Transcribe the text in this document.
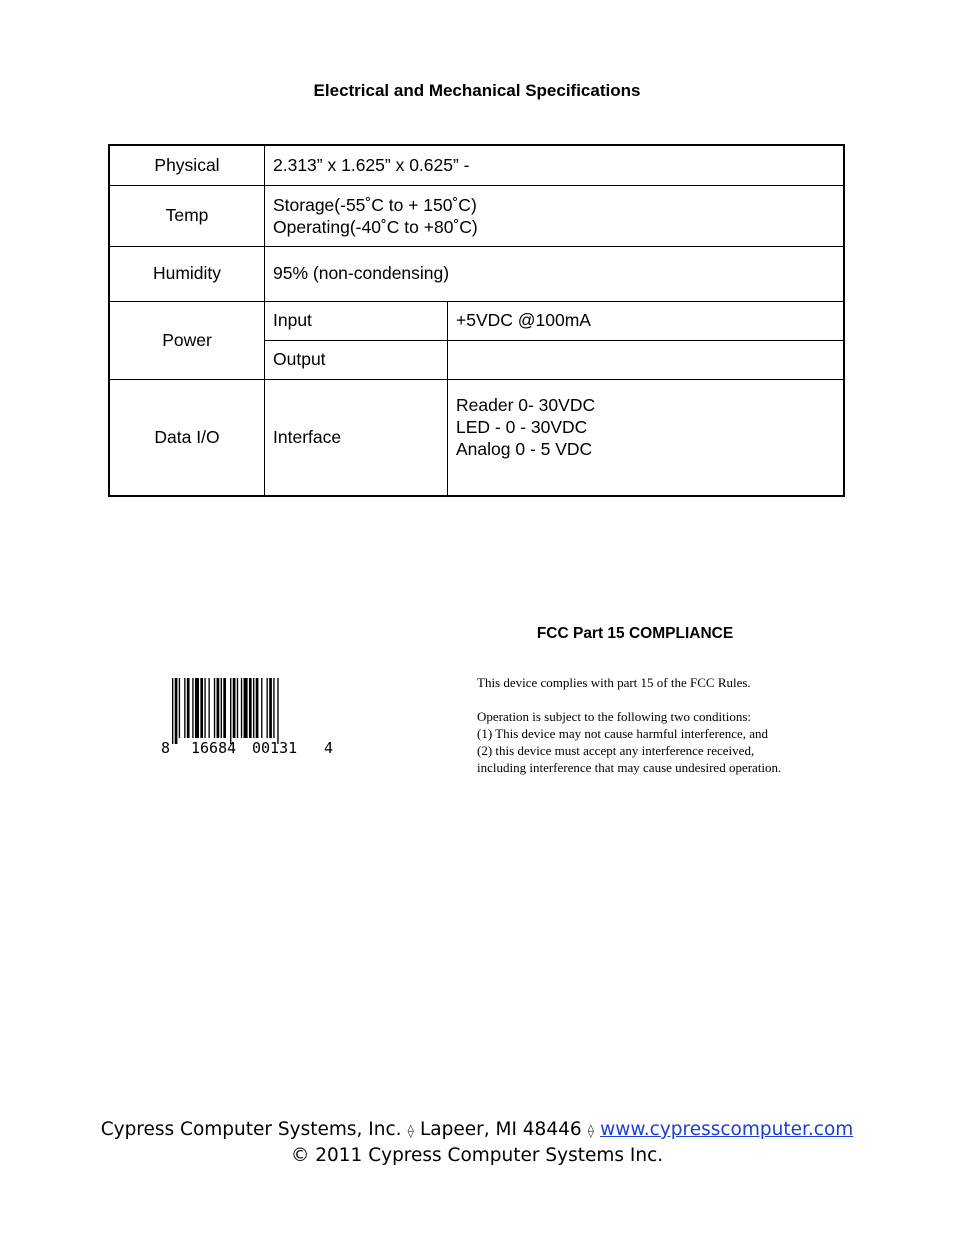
Electrical and Mechanical Specifications
Physical	2.313” x 1.625” x 0.625” -	
Temp	Storage(-55˚C to + 150˚C)
Operating(-40˚C to +80˚C)	

Humidity	95% (non-condensing)	
Power	Input	+5VDC @100mA
	Output	
Data I/O	Interface	Reader 0- 30VDC
LED - 0 - 30VDC
Analog 0 - 5 VDC
8 16684 00131 4
FCC Part 15 COMPLIANCE

This device complies with part 15 of the FCC Rules.

Operation is subject to the following two conditions:

(1) This device may not cause harmful interference, and

(2) this device must accept any interference received,

including interference that may cause undesired operation.

Cypress Computer Systems, Inc. ⟠ Lapeer, MI 48446 ⟠ www.cypresscomputer.com
© 2011 Cypress Computer Systems Inc.
